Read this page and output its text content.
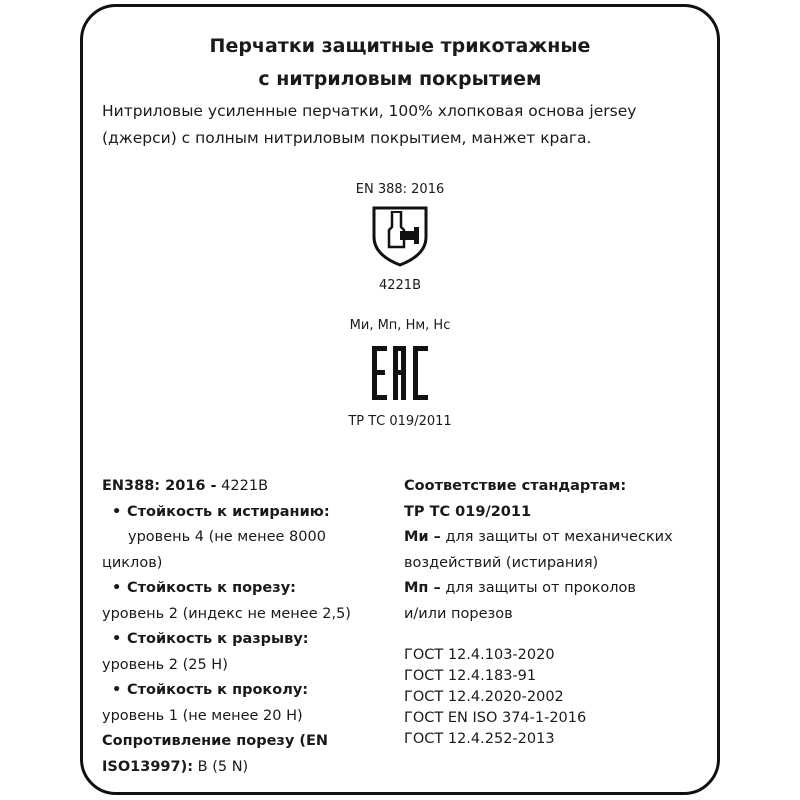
Перчатки защитные трикотажные
с нитриловым покрытием
Нитриловые усиленные перчатки, 100% хлопковая основа jersey
(джерси) с полным нитриловым покрытием, манжет крага.
EN 388: 2016
4221B
Ми, Мп, Нм, Нс
ТР ТС 019/2011
EN388: 2016 - 4221B
• Стойкость к истиранию:
уровень 4 (не менее 8000
циклов)
• Стойкость к порезу:
уровень 2 (индекс не менее 2,5)
• Стойкость к разрыву:
уровень 2 (25 Н)
• Стойкость к проколу:
уровень 1 (не менее 20 Н)
Сопротивление порезу (EN
ISO13997): B (5 N)
Соответствие стандартам:
ТР ТС 019/2011
Ми – для защиты от механических
воздействий (истирания)
Мп – для защиты от проколов
и/или порезов
ГОСТ 12.4.103-2020
ГОСТ 12.4.183-91
ГОСТ 12.4.2020-2002
ГОСТ EN ISO 374-1-2016
ГОСТ 12.4.252-2013
